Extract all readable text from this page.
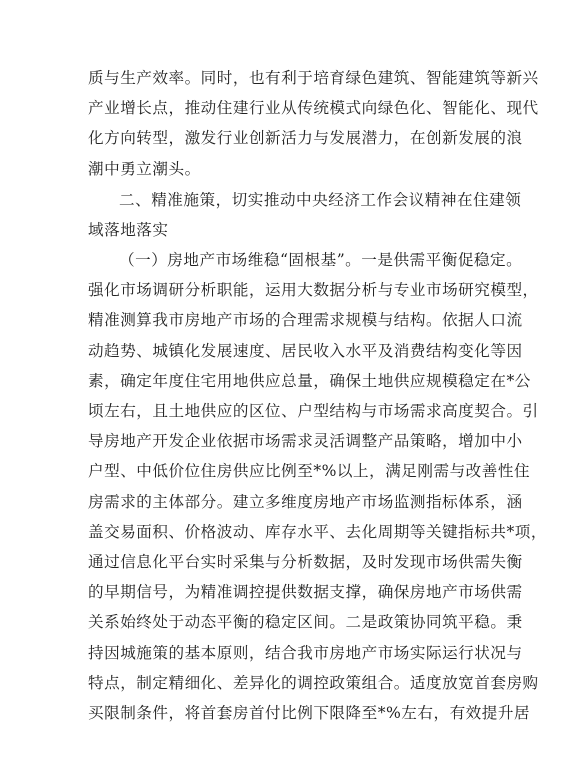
质与生产效率。同时，也有利于培育绿色建筑、智能建筑等新兴
产业增长点，推动住建行业从传统模式向绿色化、智能化、现代
化方向转型，激发行业创新活力与发展潜力，在创新发展的浪
潮中勇立潮头。
二、精准施策，切实推动中央经济工作会议精神在住建领
域落地落实
（一）房地产市场维稳“固根基”。一是供需平衡促稳定。
强化市场调研分析职能，运用大数据分析与专业市场研究模型，
精准测算我市房地产市场的合理需求规模与结构。依据人口流
动趋势、城镇化发展速度、居民收入水平及消费结构变化等因
素，确定年度住宅用地供应总量，确保土地供应规模稳定在*公
顷左右，且土地供应的区位、户型结构与市场需求高度契合。引
导房地产开发企业依据市场需求灵活调整产品策略，增加中小
户型、中低价位住房供应比例至*%以上，满足刚需与改善性住
房需求的主体部分。建立多维度房地产市场监测指标体系，涵
盖交易面积、价格波动、库存水平、去化周期等关键指标共*项，
通过信息化平台实时采集与分析数据，及时发现市场供需失衡
的早期信号，为精准调控提供数据支撑，确保房地产市场供需
关系始终处于动态平衡的稳定区间。二是政策协同筑平稳。秉
持因城施策的基本原则，结合我市房地产市场实际运行状况与
特点，制定精细化、差异化的调控政策组合。适度放宽首套房购
买限制条件，将首套房首付比例下限降至*%左右，有效提升居
